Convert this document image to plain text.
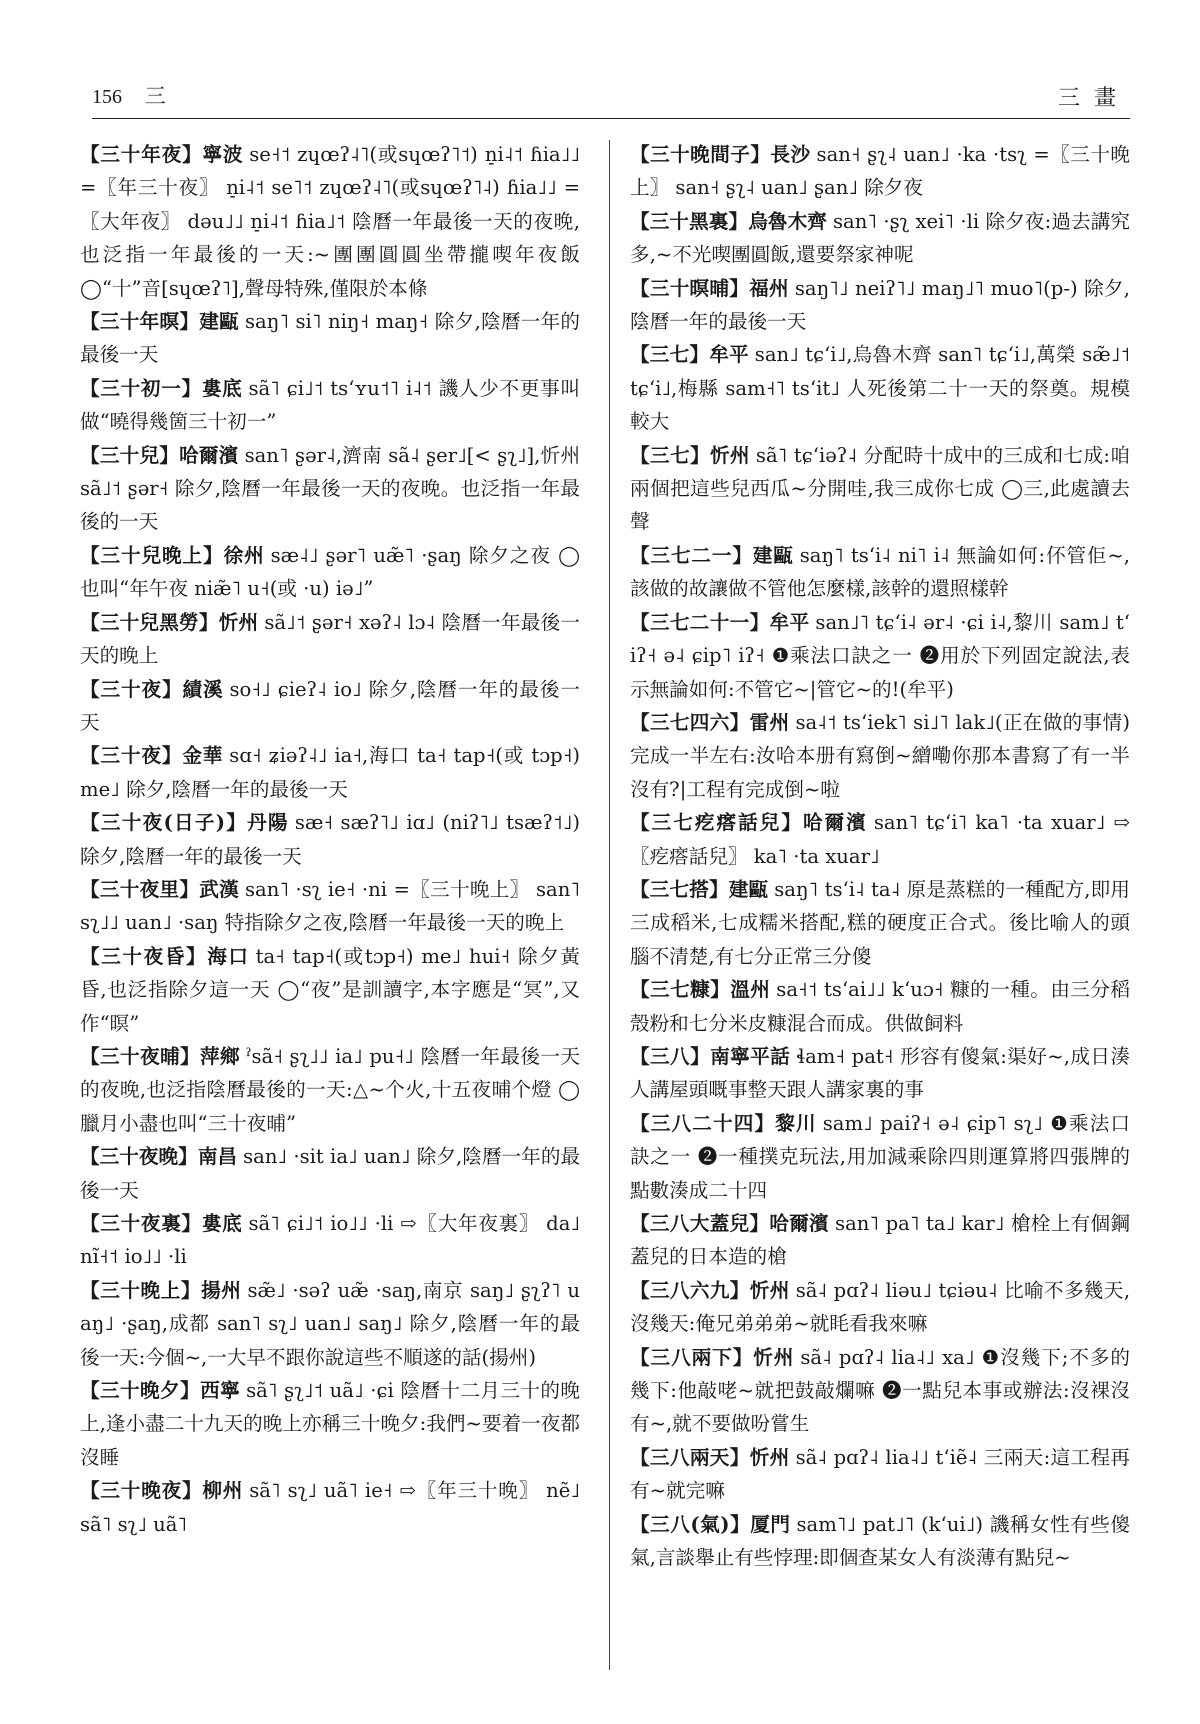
156 三	三畫

【 三十年夜 】 寧波 se˧˦ zɥœʔ˨˥(或sɥœʔ˥˦) n̠i˨˦ ɦia˩˩ =〖年三十夜〗 n̠i˨˦ se˥˦ zɥœʔ˨˥(或sɥœʔ˥˨) ɦia˩˩ =〖大年夜〗 dəu˩˩ n̠i˨˦ ɦia˩˦ 陰曆一年最後一天的夜晚,也泛指一年最後的一天:~團團圓圓坐帶攏喫年夜飯 ◯“十”音[sɥœʔ˥],聲母特殊,僅限於本條

【 三十年暝 】 建甌 saŋ˥ si˥ niŋ˧ maŋ˧ 除夕,陰曆一年的最後一天

【 三十初一 】 婁底 sã˥ ɕi˩˦ tsʻʏu˦˥ i˨˦ 譏人少不更事叫做“曉得幾箇三十初一”

【 三十兒 】 哈爾濱 san˥ ʂər˨,濟南 sã˨ ʂer˩[< ʂʅ˩],忻州 sã˩˦ ʂər˧ 除夕,陰曆一年最後一天的夜晚。也泛指一年最後的一天

【 三十兒晚上 】 徐州 sæ˨˩ ʂər˥ uæ̃˥ ·ʂaŋ 除夕之夜 ◯也叫“年午夜 niæ̃˥ u˧(或 ·u) iə˩”

【 三十兒黑勞 】 忻州 sã˩˦ ʂər˧ xəʔ˨ lɔ˨ 陰曆一年最後一天的晚上

【 三十夜 】 績溪 so˧˩ ɕieʔ˨ io˩ 除夕,陰曆一年的最後一天

【 三十夜 】 金華 sɑ˧ ʑiəʔ˨˩ ia˧,海口 ta˧ tap˧(或 tɔp˧) me˩ 除夕,陰曆一年的最後一天

【 三十夜(日子) 】 丹陽 sæ˧ sæʔ˥˩ iɑ˩ (niʔ˥˩ tsæʔ˦˩) 除夕,陰曆一年的最後一天

【 三十夜里 】 武漢 san˥ ·sʅ ie˧ ·ni =〖三十晚上〗 san˥ sʅ˩˩ uan˩ ·saŋ 特指除夕之夜,陰曆一年最後一天的晚上

【 三十夜昏 】 海口 ta˧ tap˧(或tɔp˧) me˩ hui˧ 除夕黃昏,也泛指除夕這一天 ◯“夜”是訓讀字,本字應是“冥”,又作“暝”

【 三十夜晡 】 萍鄉 ˀsã˧ ʂʅ˩˩ ia˩ pu˧˩ 陰曆一年最後一天的夜晚,也泛指陰曆最後的一天:△~个火,十五夜晡个燈 ◯臘月小盡也叫“三十夜晡”

【 三十夜晚 】 南昌 san˩ ·sit ia˩ uan˩ 除夕,陰曆一年的最後一天

【 三十夜裏 】 婁底 sã˥ ɕi˩˦ io˩˩ ·li ⇨〖大年夜裏〗 da˩ nĩ˧˦ io˩˩ ·li

【 三十晚上 】 揚州 sæ̃˩ ·səʔ uæ̃ ·saŋ,南京 saŋ˩ ʂʅʔ˥ uaŋ˩ ·ʂaŋ,成都 san˥ sʅ˩ uan˩ saŋ˩ 除夕,陰曆一年的最後一天:今個~,一大早不跟你說這些不順遂的話(揚州)

【 三十晚夕 】 西寧 sã˥ ʂʅ˩˦ uã˩ ·ɕi 陰曆十二月三十的晚上,逢小盡二十九天的晚上亦稱三十晚夕:我們~要着一夜都沒睡

【 三十晚夜 】 柳州 sã˥ sʅ˩ uã˥ ie˧ ⇨〖年三十晚〗 nẽ˩ sã˥ sʅ˩ uã˥

【 三十晚間子 】 長沙 san˧ ʂʅ˨ uan˩ ·ka ·tsʅ =〖三十晚上〗 san˧ ʂʅ˨ uan˩ ʂan˩ 除夕夜

【 三十黑裏 】 烏魯木齊 san˥ ·ʂʅ xei˥ ·li 除夕夜:過去講究多,~不光喫團圓飯,還要祭家神呢

【 三十暝晡 】 福州 saŋ˥˩ neiʔ˥˩ maŋ˩˥ muo˥(p-) 除夕,陰曆一年的最後一天

【 三七 】 牟平 san˩ tɕʻi˩,烏魯木齊 san˥ tɕʻi˩,萬榮 sæ̃˩˦ tɕʻi˩,梅縣 sam˧˥ tsʻit˩ 人死後第二十一天的祭奠。規模較大

【 三七 】 忻州 sã˥ tɕʻiəʔ˨ 分配時十成中的三成和七成:咱兩個把這些兒西瓜~分開哇,我三成你七成 ◯三,此處讀去聲

【 三七二一 】 建甌 saŋ˥ tsʻi˨ ni˥ i˨ 無論如何:伓管佢~,該做的故讓做不管他怎麼樣,該幹的還照樣幹

【 三七二十一 】 牟平 san˩˥ tɕʻi˨ ər˨ ·ɕi i˨,黎川 sam˩ tʻiʔ˧ ə˨ ɕip˥ iʔ˧ ❶乘法口訣之一 ❷用於下列固定說法,表示無論如何:不管它~|管它~的!(牟平)

【 三七四六 】 雷州 sa˨˦ tsʻiek˥ si˩˥ lak˩(正在做的事情)完成一半左右:汝哈本册有寫倒~繒嘞你那本書寫了有一半沒有?|工程有完成倒~啦

【 三七疙瘩話兒 】 哈爾濱 san˥ tɕʻi˥ ka˥ ·ta xuar˩ ⇨〖疙瘩話兒〗 ka˥ ·ta xuar˩

【 三七搭 】 建甌 saŋ˥ tsʻi˨ ta˨ 原是蒸糕的一種配方,即用三成稻米,七成糯米搭配,糕的硬度正合式。後比喻人的頭腦不清楚,有七分正常三分傻

【 三七糠 】 溫州 sa˧˦ tsʻai˩˩ kʻuɔ˧ 糠的一種。由三分稻殼粉和七分米皮糠混合而成。供做飼料

【 三八 】 南寧平話 ɬam˧ pat˧ 形容有傻氣:渠好~,成日湊人講屋頭嘅事整天跟人講家裏的事

【 三八二十四 】 黎川 sam˩ paiʔ˧ ə˨ ɕip˥ sʅ˩ ❶乘法口訣之一 ❷一種撲克玩法,用加減乘除四則運算將四張牌的點數湊成二十四

【 三八大蓋兒 】 哈爾濱 san˥ pa˥ ta˩ kar˩ 槍栓上有個鋼蓋兒的日本造的槍

【 三八六九 】 忻州 sã˨ pɑʔ˨ liəu˩ tɕiəu˨ 比喻不多幾天,沒幾天:俺兄弟弟弟~就眊看我來嘛

【 三八兩下 】 忻州 sã˨ pɑʔ˨ lia˨˩ xa˩ ❶沒幾下;不多的幾下:他敲咾~就把鼓敲爛嘛 ❷一點兒本事或辦法:沒裸沒有~,就不要做吩嘗生

【 三八兩天 】 忻州 sã˨ pɑʔ˨ lia˨˩ tʻiẽ˨ 三兩天:這工程再有~就完嘛

【 三八(氣) 】 厦門 sam˥˩ pat˩˥ (kʻui˩) 譏稱女性有些傻氣,言談舉止有些悖理:即個查某女人有淡薄有點兒~
